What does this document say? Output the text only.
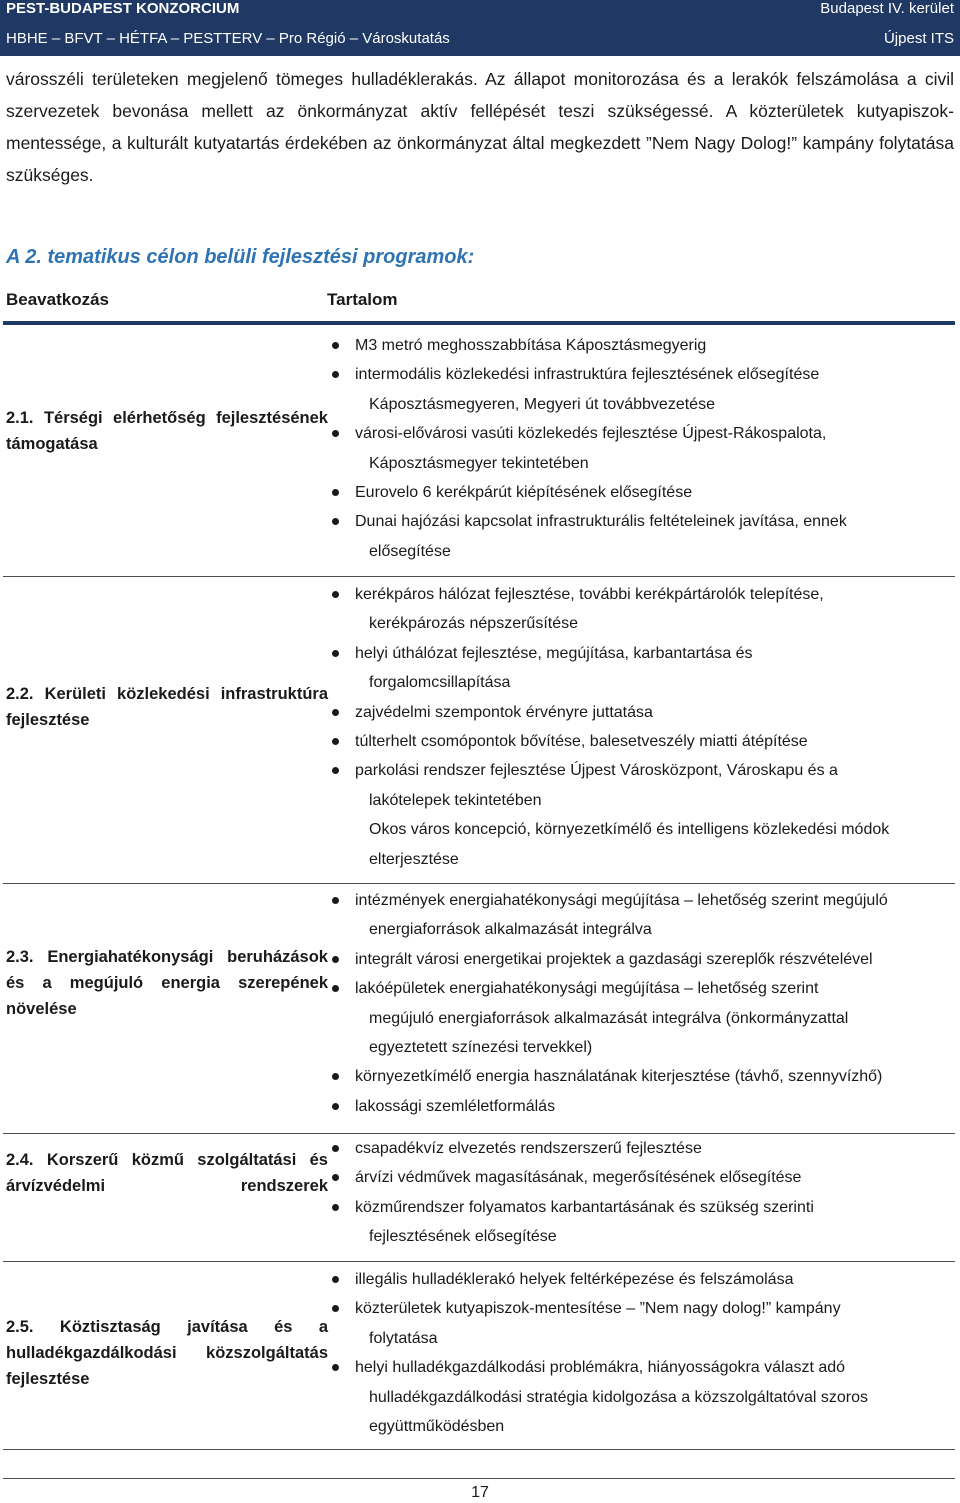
PEST-BUDAPEST KONZORCIUM	Budapest IV. kerület
HBHE – BFVT – HÉTFA – PESTTERV – Pro Régió – Városkutatás	Újpest ITS

városszéli területeken megjelenő tömeges hulladéklerakás. Az állapot monitorozása és a lerakók felszámolása a civil szervezetek bevonása mellett az önkormányzat aktív fellépését teszi szükségessé. A közterületek kutyapiszok-mentessége, a kulturált kutyatartás érdekében az önkormányzat által megkezdett ”Nem Nagy Dolog!” kampány folytatása szükséges.

A 2. tematikus célon belüli fejlesztési programok:
Beavatkozás	Tartalom
2.1. Térségi elérhetőség fejlesztésének támogatása
M3 metró meghosszabbítása Káposztásmegyerig
intermodális közlekedési infrastruktúra fejlesztésének elősegítése
Káposztásmegyeren, Megyeri út továbbvezetése
városi-elővárosi vasúti közlekedés fejlesztése Újpest-Rákospalota,
Káposztásmegyer tekintetében
Eurovelo 6 kerékpárút kiépítésének elősegítése
Dunai hajózási kapcsolat infrastrukturális feltételeinek javítása, ennek
elősegítése
2.2. Kerületi közlekedési infrastruktúra fejlesztése
kerékpáros hálózat fejlesztése, további kerékpártárolók telepítése,
kerékpározás népszerűsítése
helyi úthálózat fejlesztése, megújítása, karbantartása és
forgalomcsillapítása
zajvédelmi szempontok érvényre juttatása
túlterhelt csomópontok bővítése, balesetveszély miatti átépítése
parkolási rendszer fejlesztése Újpest Városközpont, Városkapu és a
lakótelepek tekintetében
Okos város koncepció, környezetkímélő és intelligens közlekedési módok
elterjesztése
2.3. Energiahatékonysági beruházások és a megújuló energia szerepének növelése
intézmények energiahatékonysági megújítása – lehetőség szerint megújuló
energiaforrások alkalmazását integrálva
integrált városi energetikai projektek a gazdasági szereplők részvételével
lakóépületek energiahatékonysági megújítása – lehetőség szerint
megújuló energiaforrások alkalmazását integrálva (önkormányzattal
egyeztetett színezési tervekkel)
környezetkímélő energia használatának kiterjesztése (távhő, szennyvízhő)
lakossági szemléletformálás
2.4. Korszerű közmű szolgáltatási és árvízvédelmi rendszerek
csapadékvíz elvezetés rendszerszerű fejlesztése
árvízi védművek magasításának, megerősítésének elősegítése
közműrendszer folyamatos karbantartásának és szükség szerinti
fejlesztésének elősegítése
2.5. Köztisztaság javítása és a hulladékgazdálkodási közszolgáltatás fejlesztése
illegális hulladéklerakó helyek feltérképezése és felszámolása
közterületek kutyapiszok-mentesítése – ”Nem nagy dolog!” kampány
folytatása
helyi hulladékgazdálkodási problémákra, hiányosságokra választ adó
hulladékgazdálkodási stratégia kidolgozása a közszolgáltatóval szoros
együttműködésben
17
